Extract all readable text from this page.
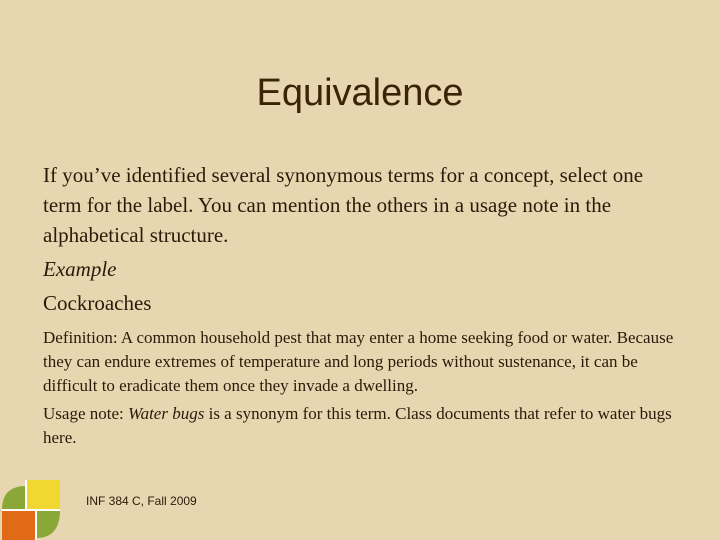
Equivalence

If you’ve identified several synonymous terms for a concept, select one term for the label. You can mention the others in a usage note in the alphabetical structure.

Example

Cockroaches

Definition: A common household pest that may enter a home seeking food or water. Because they can endure extremes of temperature and long periods without sustenance, it can be difficult to eradicate them once they invade a dwelling.

Usage note: Water bugs is a synonym for this term. Class documents that refer to water bugs here.

INF 384 C, Fall 2009
